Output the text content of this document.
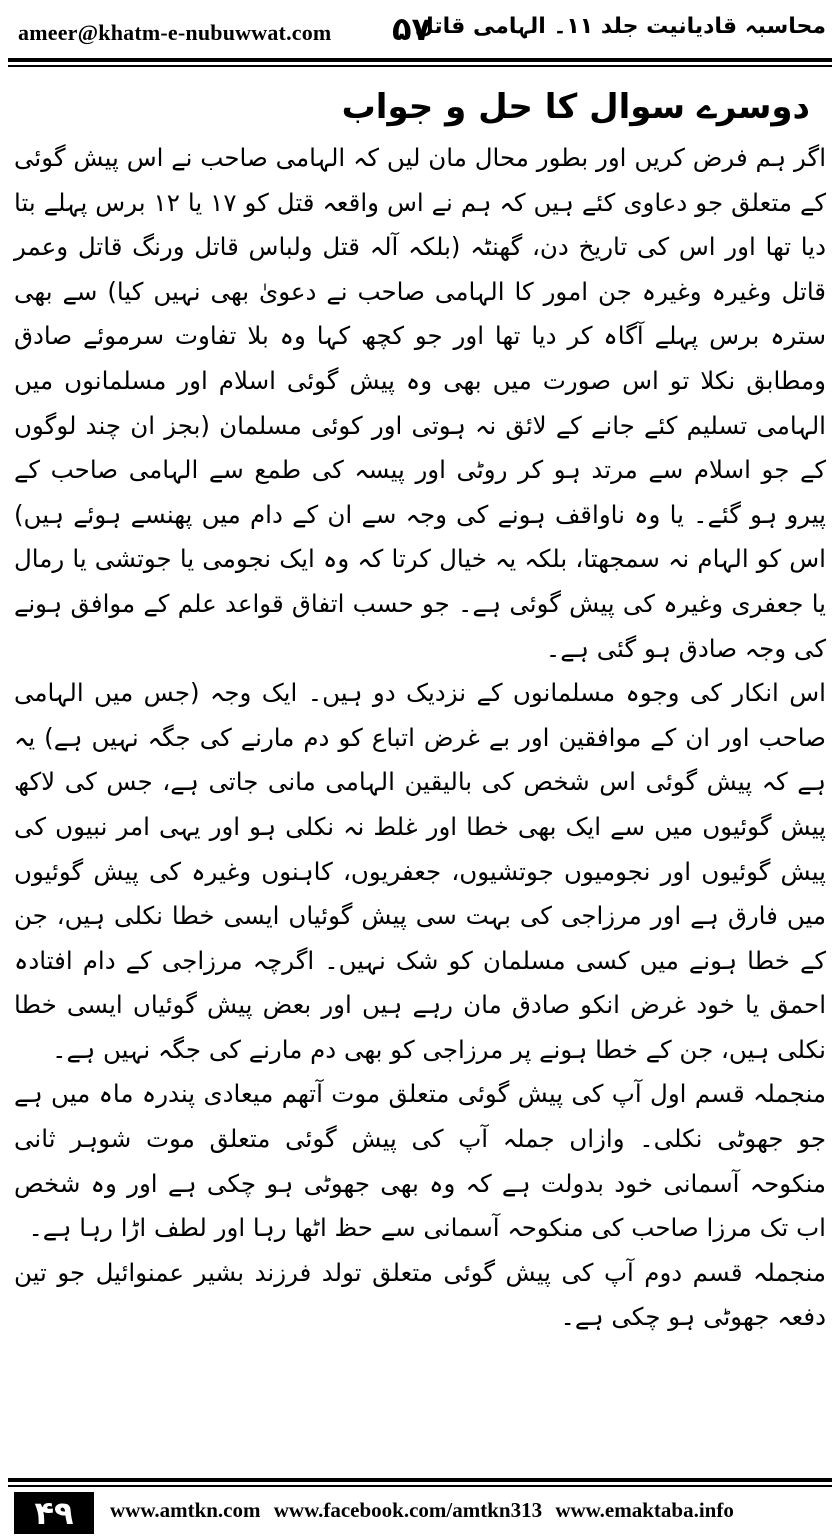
ameer@khatm-e-nubuwwat.com ۵۷
محاسبہ قادیانیت جلد ۱۱۔ الہامی قاتل
دوسرے سوال کا حل و جواب

اگر ہم فرض کریں اور بطور محال مان لیں کہ الہامی صاحب نے اس پیش گوئی کے متعلق جو دعاوی کئے ہیں کہ ہم نے اس واقعہ قتل کو ۱۷ یا ۱۲ برس پہلے بتا دیا تھا اور اس کی تاریخ دن، گھنٹہ (بلکہ آلہ قتل ولباس قاتل ورنگ قاتل وعمر قاتل وغیرہ وغیرہ جن امور کا الہامی صاحب نے دعویٰ بھی نہیں کیا) سے بھی سترہ برس پہلے آگاہ کر دیا تھا اور جو کچھ کہا وہ بلا تفاوت سرموئے صادق ومطابق نکلا تو اس صورت میں بھی وہ پیش گوئی اسلام اور مسلمانوں میں الہامی تسلیم کئے جانے کے لائق نہ ہوتی اور کوئی مسلمان (بجز ان چند لوگوں کے جو اسلام سے مرتد ہو کر روٹی اور پیسہ کی طمع سے الہامی صاحب کے پیرو ہو گئے۔ یا وہ ناواقف ہونے کی وجہ سے ان کے دام میں پھنسے ہوئے ہیں) اس کو الہام نہ سمجھتا، بلکہ یہ خیال کرتا کہ وہ ایک نجومی یا جوتشی یا رمال یا جعفری وغیرہ کی پیش گوئی ہے۔ جو حسب اتفاق قواعد علم کے موافق ہونے کی وجہ صادق ہو گئی ہے۔

اس انکار کی وجوہ مسلمانوں کے نزدیک دو ہیں۔ ایک وجہ (جس میں الہامی صاحب اور ان کے موافقین اور بے غرض اتباع کو دم مارنے کی جگہ نہیں ہے) یہ ہے کہ پیش گوئی اس شخص کی بالیقین الہامی مانی جاتی ہے، جس کی لاکھ پیش گوئیوں میں سے ایک بھی خطا اور غلط نہ نکلی ہو اور یہی امر نبیوں کی پیش گوئیوں اور نجومیوں جوتشیوں، جعفریوں، کاہنوں وغیرہ کی پیش گوئیوں میں فارق ہے اور مرزاجی کی بہت سی پیش گوئیاں ایسی خطا نکلی ہیں، جن کے خطا ہونے میں کسی مسلمان کو شک نہیں۔ اگرچہ مرزاجی کے دام افتادہ احمق یا خود غرض انکو صادق مان رہے ہیں اور بعض پیش گوئیاں ایسی خطا نکلی ہیں، جن کے خطا ہونے پر مرزاجی کو بھی دم مارنے کی جگہ نہیں ہے۔

منجملہ قسم اول آپ کی پیش گوئی متعلق موت آتھم میعادی پندرہ ماہ میں ہے جو جھوٹی نکلی۔ وازاں جملہ آپ کی پیش گوئی متعلق موت شوہر ثانی منکوحہ آسمانی خود بدولت ہے کہ وہ بھی جھوٹی ہو چکی ہے اور وہ شخص اب تک مرزا صاحب کی منکوحہ آسمانی سے حظ اٹھا رہا اور لطف اڑا رہا ہے۔

منجملہ قسم دوم آپ کی پیش گوئی متعلق تولد فرزند بشیر عمنوائیل جو تین دفعہ جھوٹی ہو چکی ہے۔

۴۹	www.amtkn.com www.facebook.com/amtkn313 www.emaktaba.info
